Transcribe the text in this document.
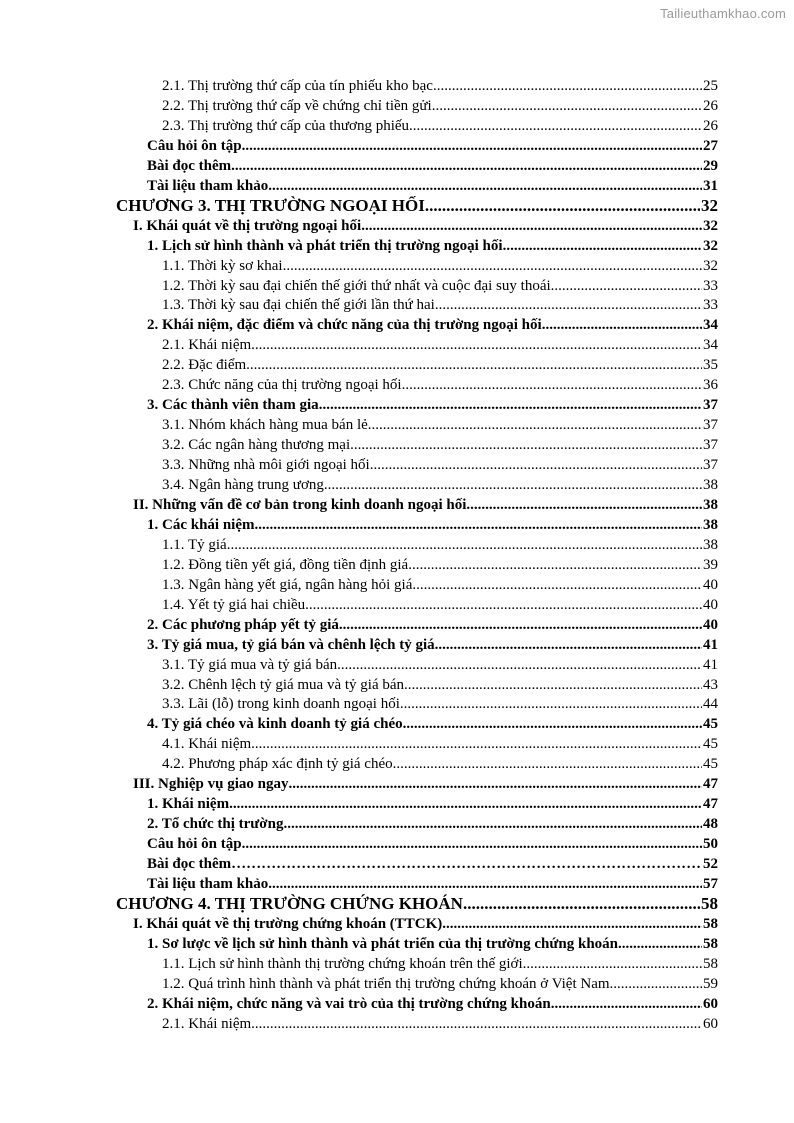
Tailieuthamkhao.com
2.1. Thị trường thứ cấp của tín phiếu kho bạc .....	25
2.2. Thị trường thứ cấp về chứng chỉ tiền gửi .....	26
2.3. Thị trường thứ cấp của thương phiếu .....	26
Câu hỏi ôn tập .....	27
Bài đọc thêm .....	29
Tài liệu tham khảo .....	31
CHƯƠNG 3. THỊ TRƯỜNG NGOẠI HỐI .....	32
I. Khái quát về thị trường ngoại hối .....	32
1. Lịch sử hình thành và phát triển thị trường ngoại hối .....	32
1.1. Thời kỳ sơ khai .....	32
1.2. Thời kỳ sau đại chiến thế giới thứ nhất và cuộc đại suy thoái .....	33
1.3. Thời kỳ sau đại chiến thế giới lần thứ hai .....	33
2. Khái niệm, đặc điểm và chức năng của thị trường ngoại hối .....	34
2.1. Khái niệm .....	34
2.2. Đặc điểm .....	35
2.3. Chức năng của thị trường ngoại hối .....	36
3. Các thành viên tham gia .....	37
3.1. Nhóm khách hàng mua bán lẻ .....	37
3.2. Các ngân hàng thương mại .....	37
3.3. Những nhà môi giới ngoại hối .....	37
3.4. Ngân hàng trung ương .....	38
II. Những vấn đề cơ bản trong kinh doanh ngoại hối .....	38
1. Các khái niệm .....	38
1.1. Tỷ giá .....	38
1.2. Đồng tiền yết giá, đồng tiền định giá .....	39
1.3. Ngân hàng yết giá, ngân hàng hỏi giá .....	40
1.4. Yết tỷ giá hai chiều .....	40
2. Các phương pháp yết tỷ giá .....	40
3. Tỷ giá mua, tỷ giá bán và chênh lệch tỷ giá .....	41
3.1. Tỷ giá mua và tỷ giá bán .....	41
3.2. Chênh lệch tỷ giá mua và tỷ giá bán .....	43
3.3. Lãi (lỗ) trong kinh doanh ngoại hối .....	44
4. Tỷ giá chéo và kinh doanh tỷ giá chéo .....	45
4.1. Khái niệm .....	45
4.2. Phương pháp xác định tỷ giá chéo .....	45
III. Nghiệp vụ giao ngay .....	47
1. Khái niệm .....	47
2. Tổ chức thị trường .....	48
Câu hỏi ôn tập .....	50
Bài đọc thêm ……………………………………………………………………………………………………………………………………………………	52
Tài liệu tham khảo .....	57
CHƯƠNG 4. THỊ TRƯỜNG CHỨNG KHOÁN .....	58
I. Khái quát về thị trường chứng khoán (TTCK) .....	58
1. Sơ lược về lịch sử hình thành và phát triển của thị trường chứng khoán .....	58
1.1. Lịch sử hình thành thị trường chứng khoán trên thế giới .....	58
1.2. Quá trình hình thành và phát triển thị trường chứng khoán ở Việt Nam .....	59
2. Khái niệm, chức năng và vai trò của thị trường chứng khoán .....	60
2.1. Khái niệm .....	60
